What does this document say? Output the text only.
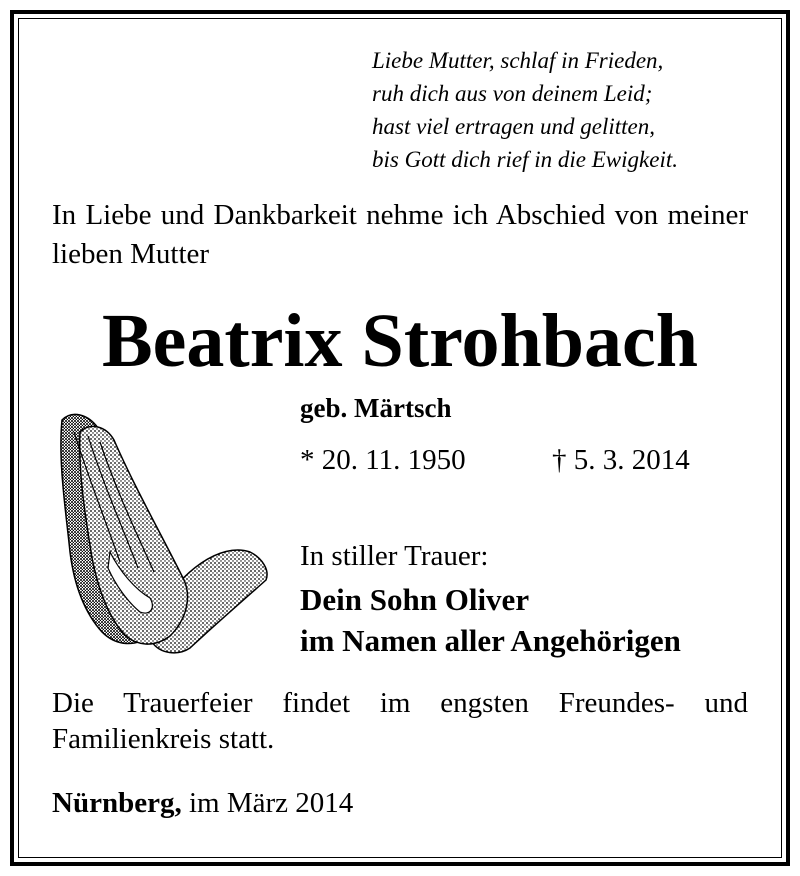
Liebe Mutter, schlaf in Frieden,
ruh dich aus von deinem Leid;
hast viel ertragen und gelitten,
bis Gott dich rief in die Ewigkeit.
In Liebe und Dankbarkeit nehme ich Abschied von meiner lieben Mutter
Beatrix Strohbach
geb. Märtsch
* 20. 11. 1950	† 5. 3. 2014
In stiller Trauer:
Dein Sohn Oliver
im Namen aller Angehörigen
Die Trauerfeier findet im engsten Freundes- und Familienkreis statt.
Nürnberg, im März 2014
